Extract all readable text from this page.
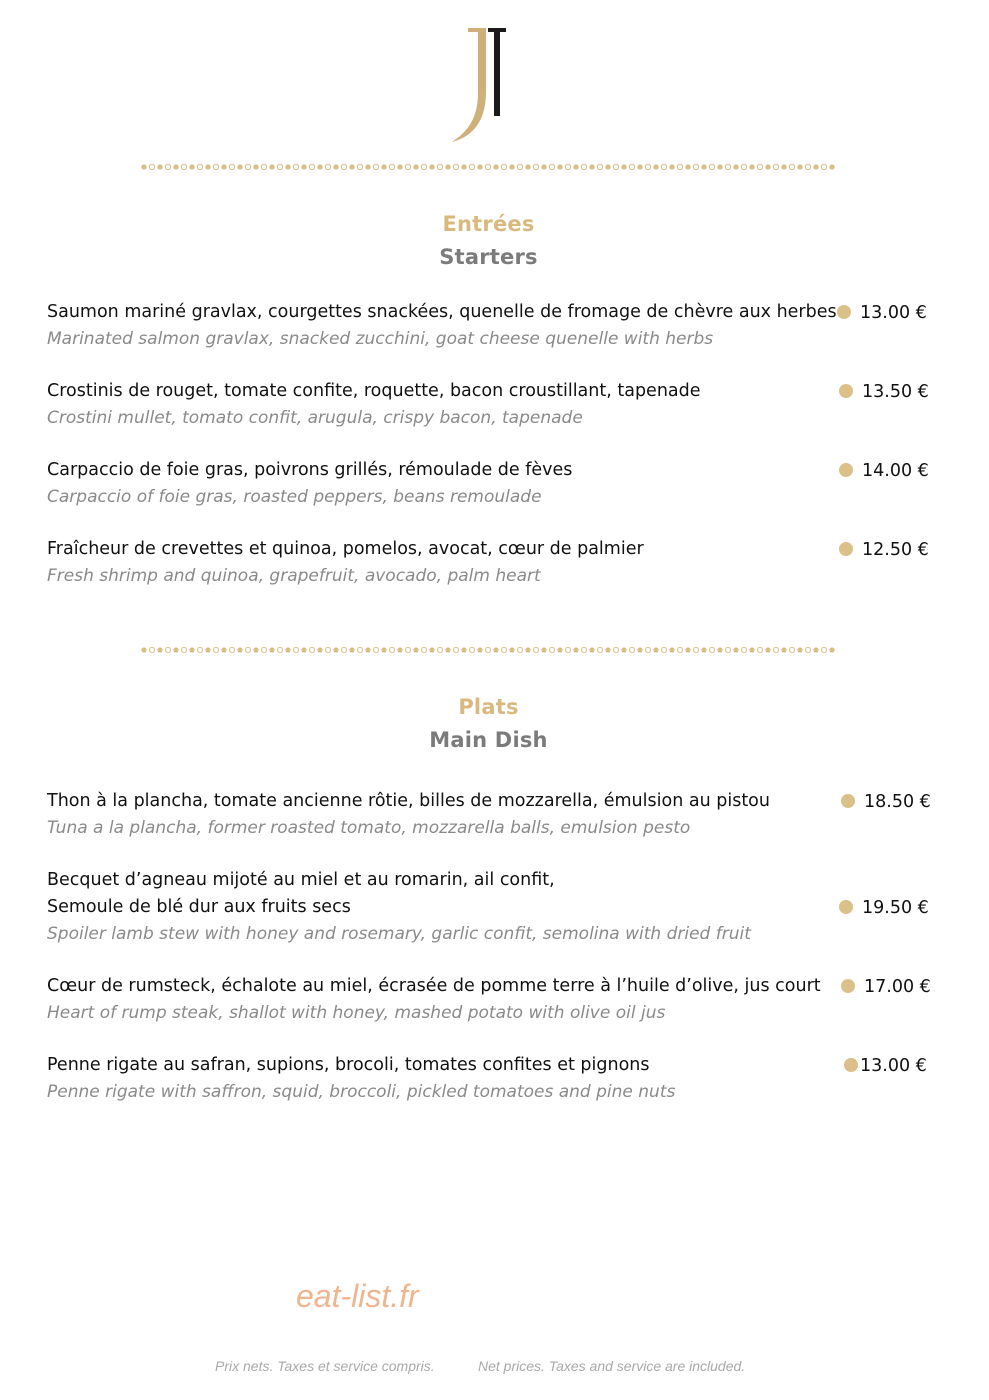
Entrées
Starters
Saumon mariné gravlax, courgettes snackées, quenelle de fromage de chèvre aux herbes
Marinated salmon gravlax, snacked zucchini, goat cheese quenelle with herbs
13.00 €
Crostinis de rouget, tomate confite, roquette, bacon croustillant, tapenade
Crostini mullet, tomato confit, arugula, crispy bacon, tapenade
13.50 €
Carpaccio de foie gras, poivrons grillés, rémoulade de fèves
Carpaccio of foie gras, roasted peppers, beans remoulade
14.00 €
Fraîcheur de crevettes et quinoa, pomelos, avocat, cœur de palmier
Fresh shrimp and quinoa, grapefruit, avocado, palm heart
12.50 €
Plats
Main Dish
Thon à la plancha, tomate ancienne rôtie, billes de mozzarella, émulsion au pistou
Tuna a la plancha, former roasted tomato, mozzarella balls, emulsion pesto
18.50 €
Becquet d’agneau mijoté au miel et au romarin, ail confit,
Semoule de blé dur aux fruits secs
Spoiler lamb stew with honey and rosemary, garlic confit, semolina with dried fruit
19.50 €
Cœur de rumsteck, échalote au miel, écrasée de pomme terre à l’huile d’olive, jus court
Heart of rump steak, shallot with honey, mashed potato with olive oil jus
17.00 €
Penne rigate au safran, supions, brocoli, tomates confites et pignons
Penne rigate with saffron, squid, broccoli, pickled tomatoes and pine nuts
13.00 €
eat-list.fr
Prix nets. Taxes et service compris.	Net prices. Taxes and service are included.
